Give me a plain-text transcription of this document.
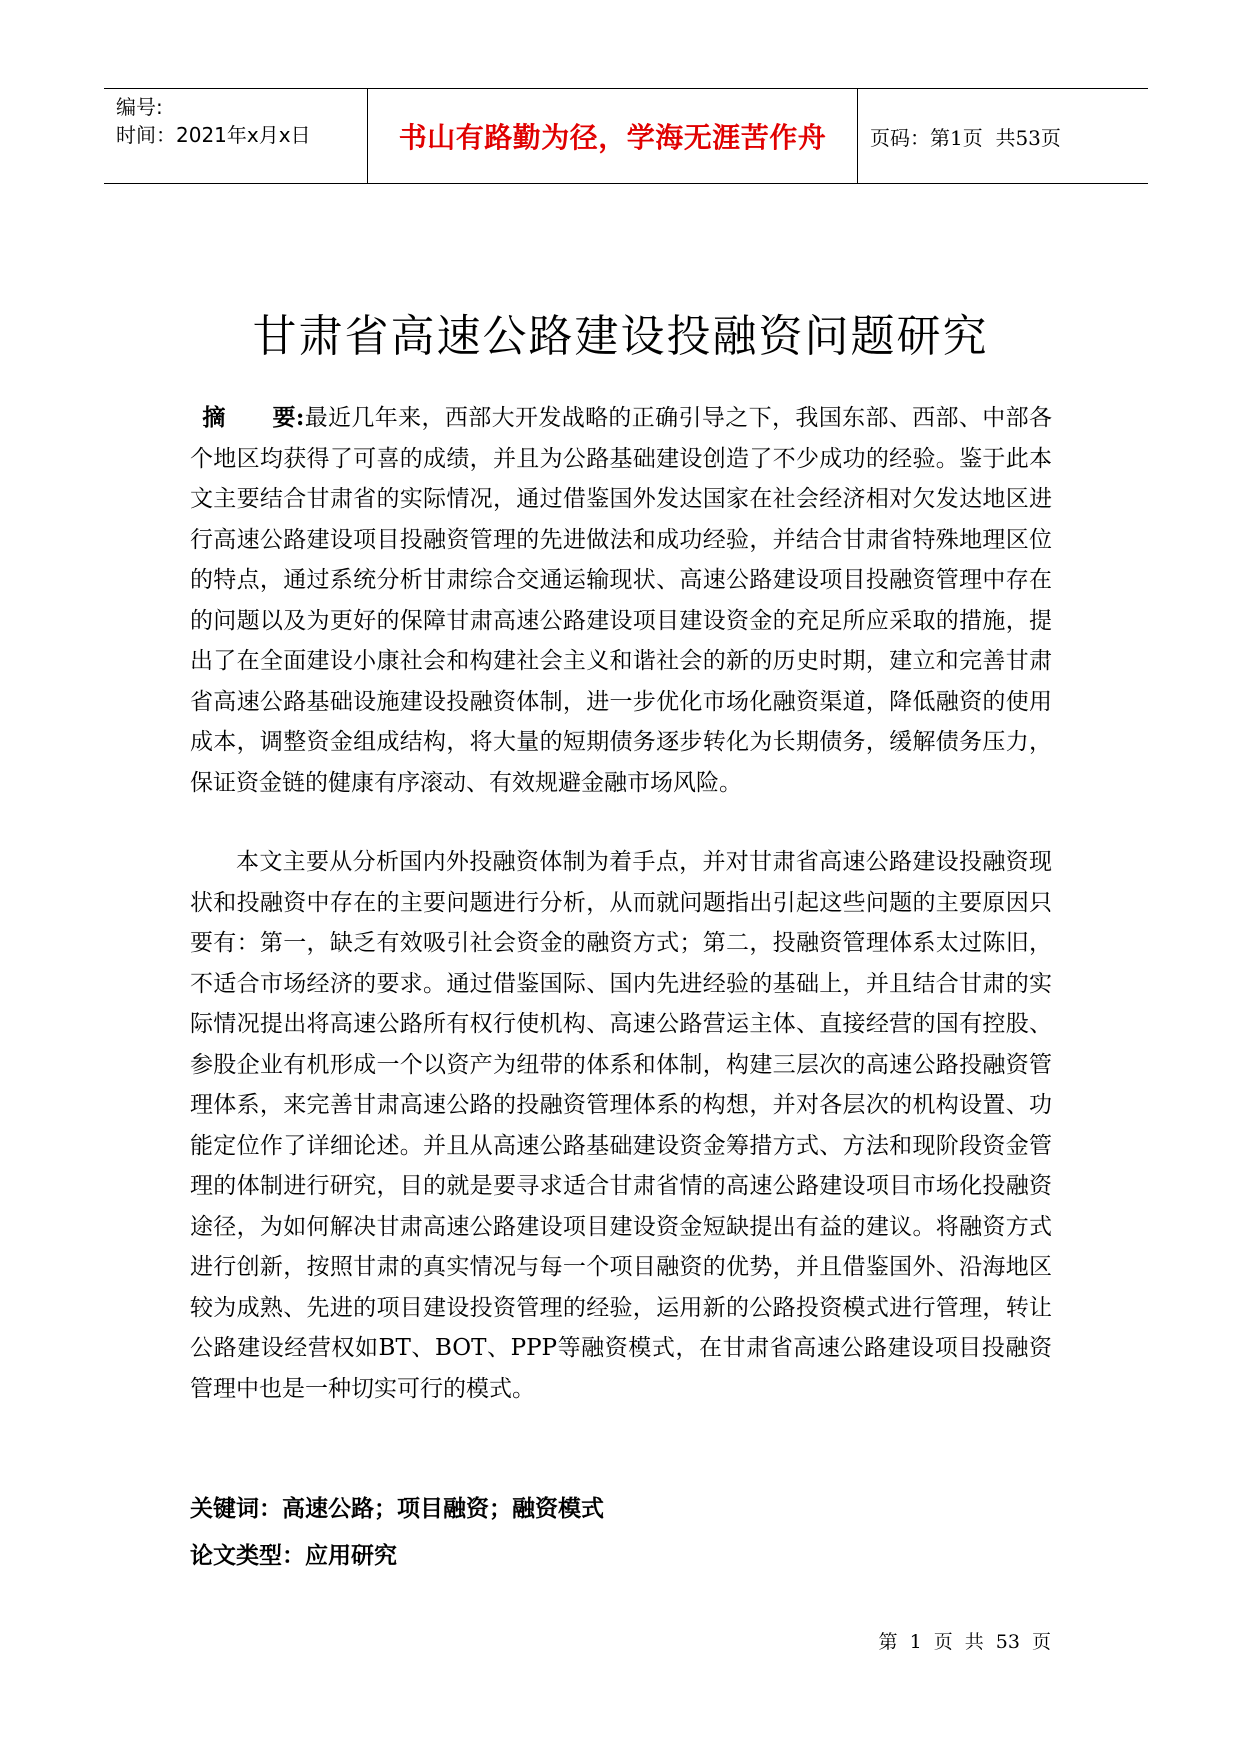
编号:
时间：2021年x月x日	书山有路勤为径，学海无涯苦作舟	页码：第1页  共53页
甘肃省高速公路建设投融资问题研究
摘　　要:最近几年来，西部大开发战略的正确引导之下，我国东部、西部、中部各个地区均获得了可喜的成绩，并且为公路基础建设创造了不少成功的经验。鉴于此本文主要结合甘肃省的实际情况，通过借鉴国外发达国家在社会经济相对欠发达地区进行高速公路建设项目投融资管理的先进做法和成功经验，并结合甘肃省特殊地理区位的特点，通过系统分析甘肃综合交通运输现状、高速公路建设项目投融资管理中存在的问题以及为更好的保障甘肃高速公路建设项目建设资金的充足所应采取的措施，提出了在全面建设小康社会和构建社会主义和谐社会的新的历史时期，建立和完善甘肃省高速公路基础设施建设投融资体制，进一步优化市场化融资渠道，降低融资的使用成本，调整资金组成结构，将大量的短期债务逐步转化为长期债务，缓解债务压力，保证资金链的健康有序滚动、有效规避金融市场风险。
本文主要从分析国内外投融资体制为着手点，并对甘肃省高速公路建设投融资现状和投融资中存在的主要问题进行分析，从而就问题指出引起这些问题的主要原因只要有：第一，缺乏有效吸引社会资金的融资方式；第二，投融资管理体系太过陈旧，不适合市场经济的要求。通过借鉴国际、国内先进经验的基础上，并且结合甘肃的实际情况提出将高速公路所有权行使机构、高速公路营运主体、直接经营的国有控股、参股企业有机形成一个以资产为纽带的体系和体制，构建三层次的高速公路投融资管理体系，来完善甘肃高速公路的投融资管理体系的构想，并对各层次的机构设置、功能定位作了详细论述。并且从高速公路基础建设资金筹措方式、方法和现阶段资金管理的体制进行研究，目的就是要寻求适合甘肃省情的高速公路建设项目市场化投融资途径，为如何解决甘肃高速公路建设项目建设资金短缺提出有益的建议。将融资方式进行创新，按照甘肃的真实情况与每一个项目融资的优势，并且借鉴国外、沿海地区较为成熟、先进的项目建设投资管理的经验，运用新的公路投资模式进行管理，转让公路建设经营权如BT、BOT、PPP等融资模式，在甘肃省高速公路建设项目投融资管理中也是一种切实可行的模式。
关键词：高速公路；项目融资；融资模式
论文类型：应用研究
第 1 页 共 53 页
